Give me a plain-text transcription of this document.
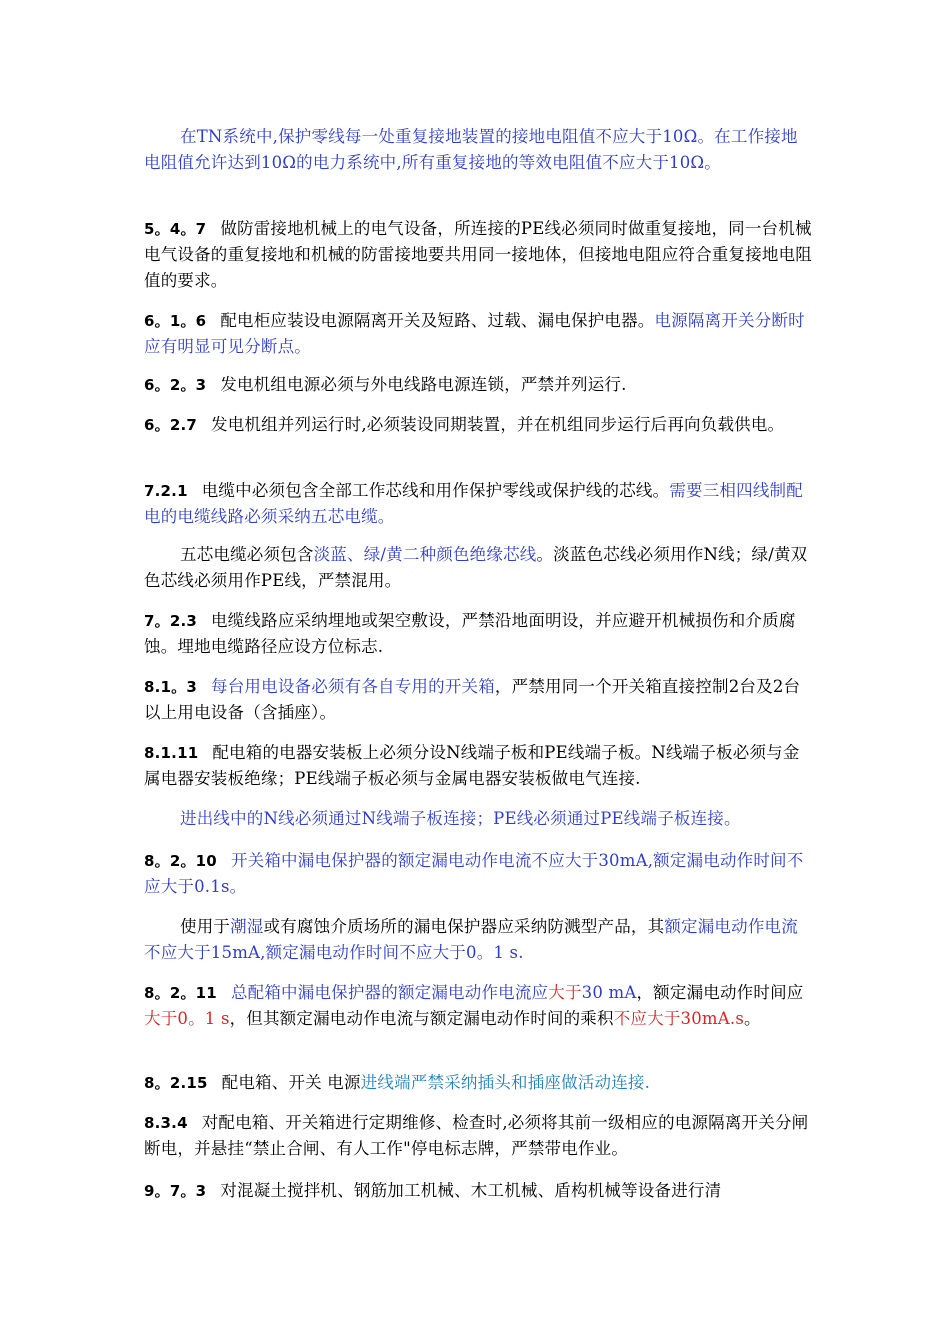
在TN系统中,保护零线每一处重复接地装置的接地电阻值不应大于10Ω。在工作接地电阻值允许达到10Ω的电力系统中,所有重复接地的等效电阻值不应大于10Ω。
5。4。7 做防雷接地机械上的电气设备，所连接的PE线必须同时做重复接地，同一台机械电气设备的重复接地和机械的防雷接地要共用同一接地体，但接地电阻应符合重复接地电阻值的要求。
6。1。6 配电柜应装设电源隔离开关及短路、过载、漏电保护电器。电源隔离开关分断时应有明显可见分断点。
6。2。3 发电机组电源必须与外电线路电源连锁，严禁并列运行.
6。2.7 发电机组并列运行时,必须装设同期装置，并在机组同步运行后再向负载供电。
7.2.1 电缆中必须包含全部工作芯线和用作保护零线或保护线的芯线。需要三相四线制配电的电缆线路必须采纳五芯电缆。
五芯电缆必须包含淡蓝、绿/黄二种颜色绝缘芯线。淡蓝色芯线必须用作N线；绿/黄双色芯线必须用作PE线，严禁混用。
7。2.3 电缆线路应采纳埋地或架空敷设，严禁沿地面明设，并应避开机械损伤和介质腐蚀。埋地电缆路径应设方位标志.
8.1。3 每台用电设备必须有各自专用的开关箱，严禁用同一个开关箱直接控制2台及2台以上用电设备（含插座）。
8.1.11 配电箱的电器安装板上必须分设N线端子板和PE线端子板。N线端子板必须与金属电器安装板绝缘；PE线端子板必须与金属电器安装板做电气连接.
进出线中的N线必须通过N线端子板连接；PE线必须通过PE线端子板连接。
8。2。10 开关箱中漏电保护器的额定漏电动作电流不应大于30mA,额定漏电动作时间不应大于0.1s。
使用于潮湿或有腐蚀介质场所的漏电保护器应采纳防溅型产品，其额定漏电动作电流不应大于15mA,额定漏电动作时间不应大于0。1 s.
8。2。11 总配箱中漏电保护器的额定漏电动作电流应大于30 mA，额定漏电动作时间应大于0。1 s，但其额定漏电动作电流与额定漏电动作时间的乘积不应大于30mA.s。
8。2.15 配电箱、开关 电源进线端严禁采纳插头和插座做活动连接.
8.3.4 对配电箱、开关箱进行定期维修、检查时,必须将其前一级相应的电源隔离开关分闸断电，并悬挂“禁止合闸、有人工作"停电标志牌，严禁带电作业。
9。7。3 对混凝土搅拌机、钢筋加工机械、木工机械、盾构机械等设备进行清
